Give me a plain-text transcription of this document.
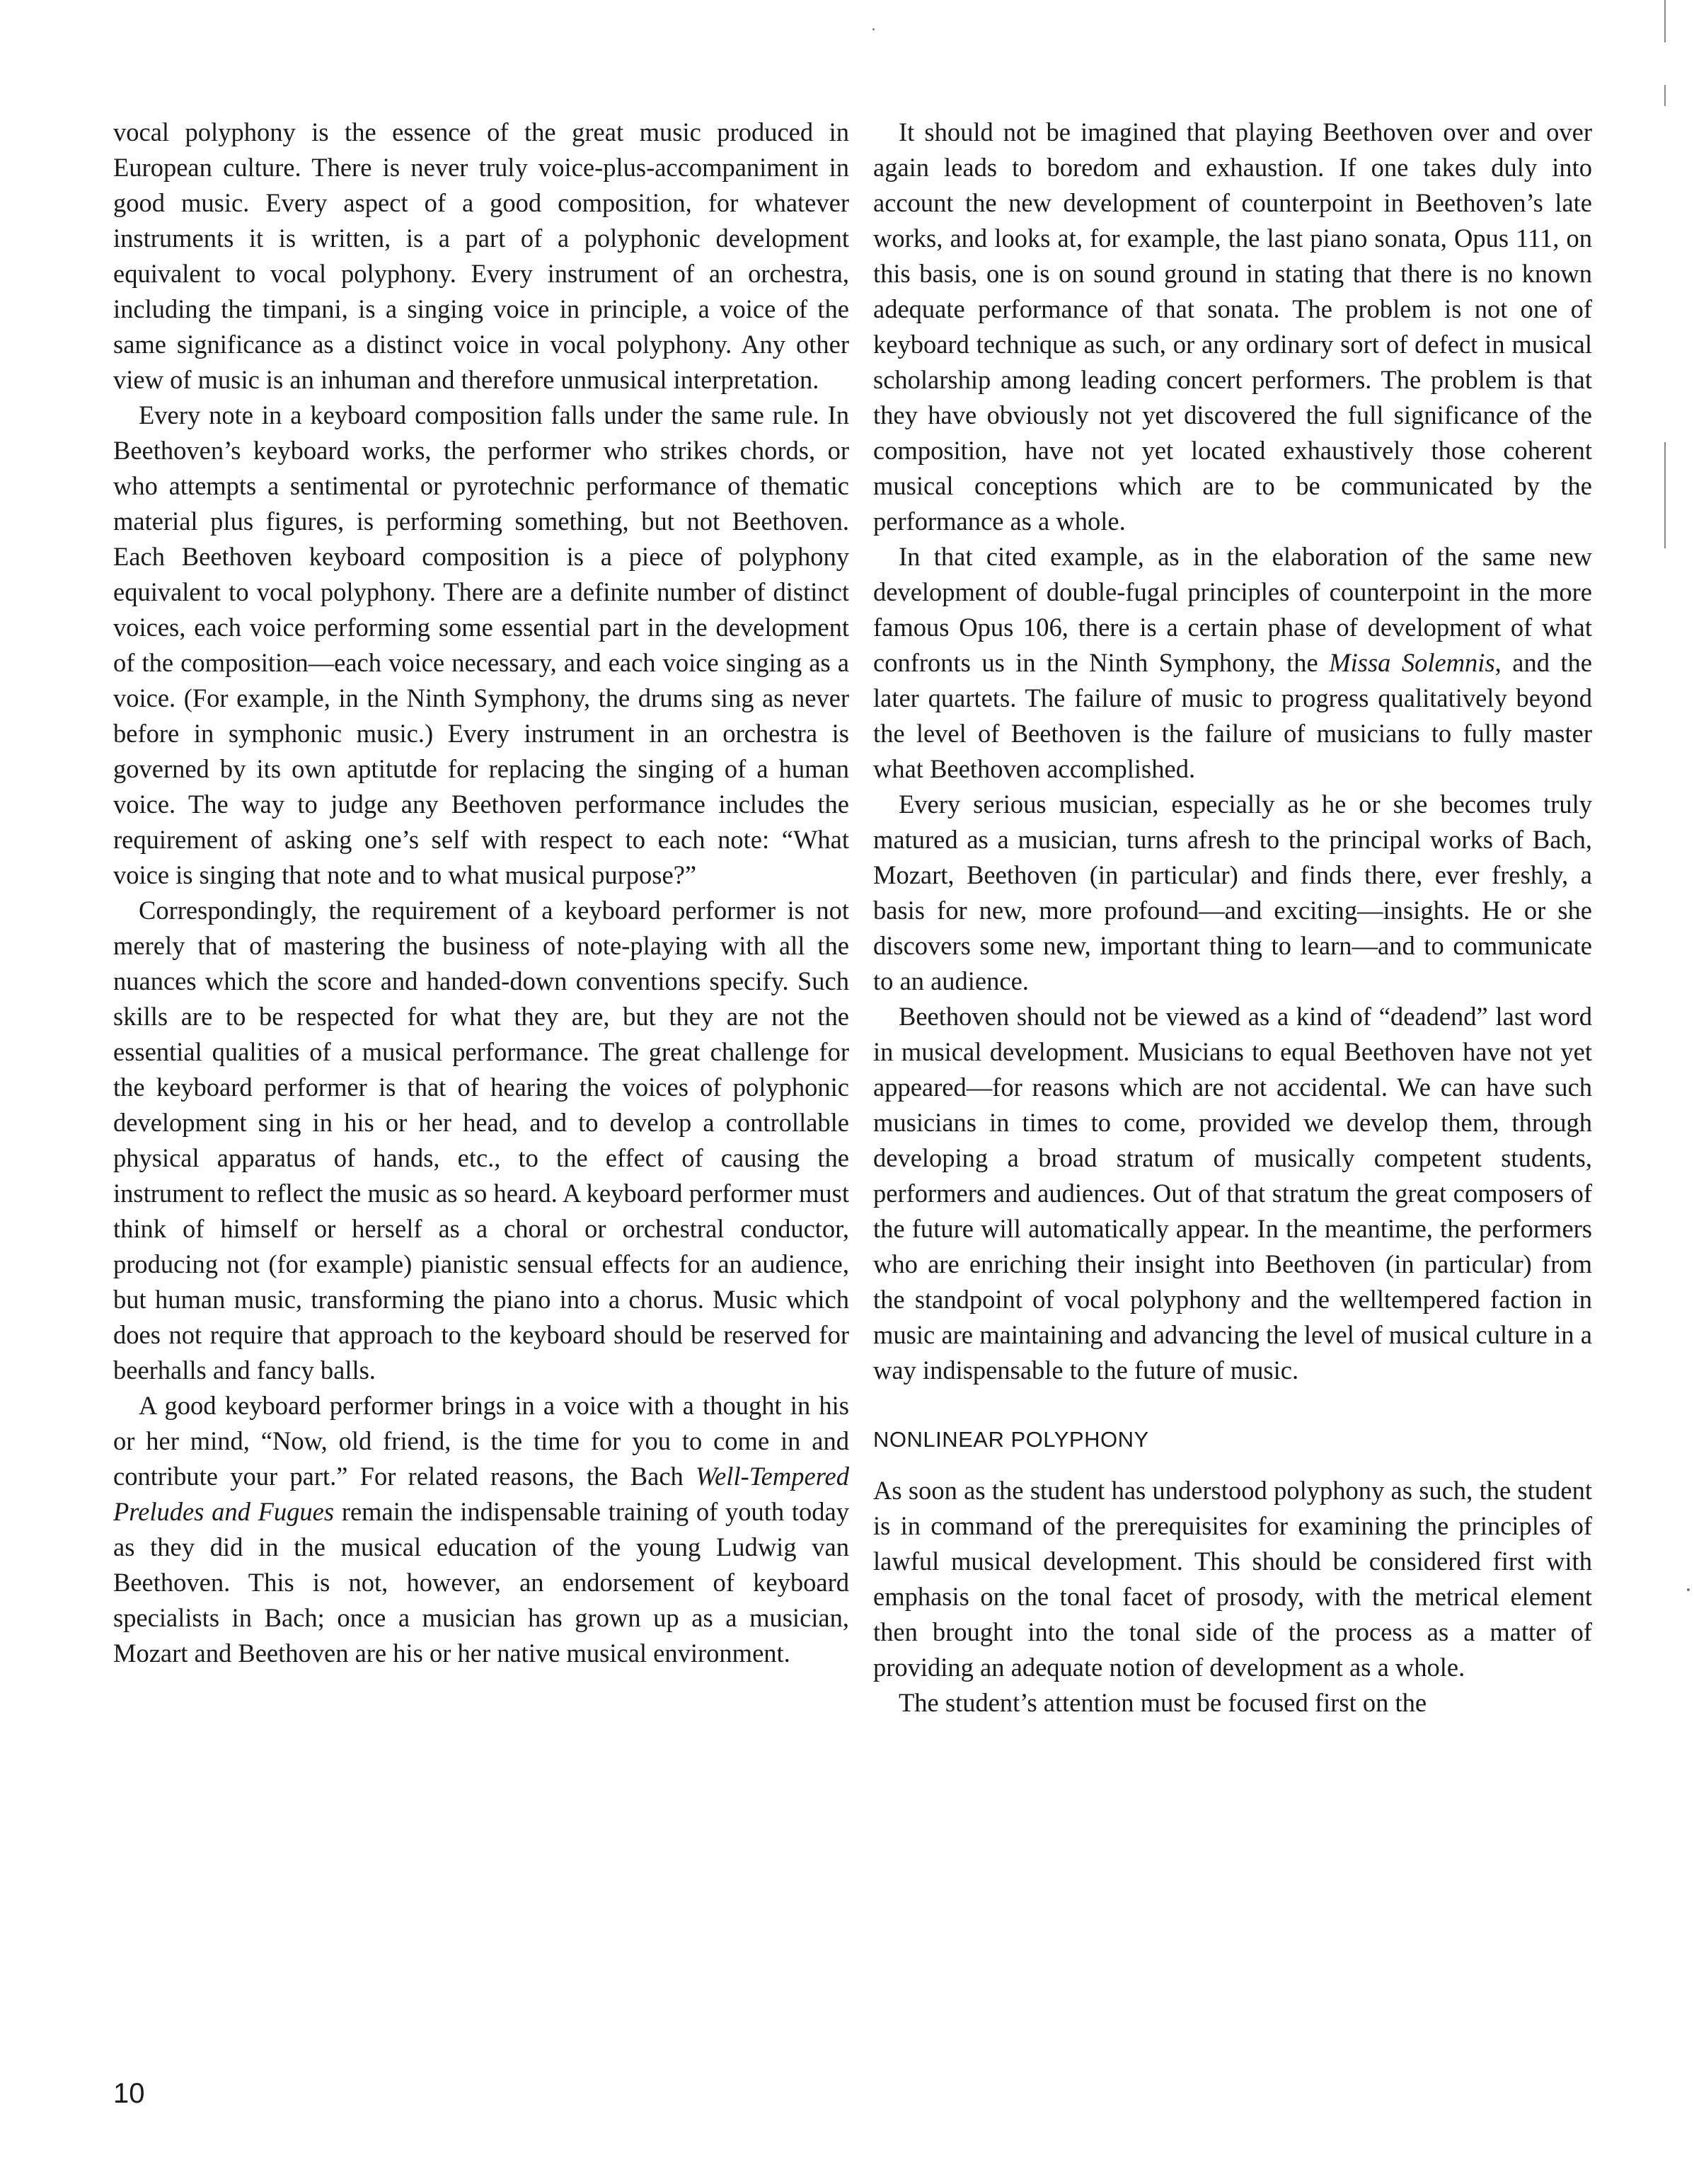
vocal polyphony is the essence of the great music produced in European culture. There is never truly voice-plus-accompaniment in good music. Every aspect of a good composition, for whatever instruments it is written, is a part of a polyphonic development equivalent to vocal polyphony. Every instrument of an orchestra, including the timpani, is a singing voice in principle, a voice of the same significance as a distinct voice in vocal polyphony. Any other view of music is an inhuman and therefore unmusical interpretation.

Every note in a keyboard composition falls under the same rule. In Beethoven’s keyboard works, the performer who strikes chords, or who attempts a sentimental or pyrotechnic performance of thematic material plus figures, is performing something, but not Beethoven. Each Beethoven keyboard composition is a piece of polyphony equivalent to vocal polyphony. There are a definite number of distinct voices, each voice performing some essential part in the development of the composition—each voice necessary, and each voice singing as a voice. (For example, in the Ninth Symphony, the drums sing as never before in symphonic music.) Every instrument in an orchestra is governed by its own aptitutde for replacing the singing of a human voice. The way to judge any Beethoven performance includes the requirement of asking one’s self with respect to each note: “What voice is singing that note and to what musical purpose?”

Correspondingly, the requirement of a keyboard performer is not merely that of mastering the business of note-playing with all the nuances which the score and handed-down conventions specify. Such skills are to be respected for what they are, but they are not the essential qualities of a musical performance. The great challenge for the keyboard performer is that of hearing the voices of polyphonic development sing in his or her head, and to develop a controllable physical apparatus of hands, etc., to the effect of causing the instrument to reflect the music as so heard. A keyboard performer must think of himself or herself as a choral or orchestral conductor, producing not (for example) pianistic sensual effects for an audience, but human music, transforming the piano into a chorus. Music which does not require that approach to the keyboard should be reserved for beerhalls and fancy balls.

A good keyboard performer brings in a voice with a thought in his or her mind, “Now, old friend, is the time for you to come in and contribute your part.” For related reasons, the Bach Well-Tempered Preludes and Fugues remain the indispensable training of youth today as they did in the musical education of the young Ludwig van Beethoven. This is not, however, an endorsement of keyboard specialists in Bach; once a musician has grown up as a musician, Mozart and Beethoven are his or her native musical environment.

It should not be imagined that playing Beethoven over and over again leads to boredom and exhaustion. If one takes duly into account the new development of counterpoint in Beethoven’s late works, and looks at, for example, the last piano sonata, Opus 111, on this basis, one is on sound ground in stating that there is no known adequate performance of that sonata. The problem is not one of keyboard technique as such, or any ordinary sort of defect in musical scholarship among leading concert performers. The problem is that they have obviously not yet discovered the full significance of the composition, have not yet located exhaustively those coherent musical conceptions which are to be communicated by the performance as a whole.

In that cited example, as in the elaboration of the same new development of double-fugal principles of counterpoint in the more famous Opus 106, there is a certain phase of development of what confronts us in the Ninth Symphony, the Missa Solemnis, and the later quartets. The failure of music to progress qualitatively beyond the level of Beethoven is the failure of musicians to fully master what Beethoven accomplished.

Every serious musician, especially as he or she becomes truly matured as a musician, turns afresh to the principal works of Bach, Mozart, Beethoven (in particular) and finds there, ever freshly, a basis for new, more profound—and exciting—insights. He or she discovers some new, important thing to learn—and to communicate to an audience.

Beethoven should not be viewed as a kind of “deadend” last word in musical development. Musicians to equal Beethoven have not yet appeared—for reasons which are not accidental. We can have such musicians in times to come, provided we develop them, through developing a broad stratum of musically competent students, performers and audiences. Out of that stratum the great composers of the future will automatically appear. In the meantime, the performers who are enriching their insight into Beethoven (in particular) from the standpoint of vocal polyphony and the welltempered faction in music are maintaining and advancing the level of musical culture in a way indispensable to the future of music.

NONLINEAR POLYPHONY

As soon as the student has understood polyphony as such, the student is in command of the prerequisites for examining the principles of lawful musical development. This should be considered first with emphasis on the tonal facet of prosody, with the metrical element then brought into the tonal side of the process as a matter of providing an adequate notion of development as a whole.

The student’s attention must be focused first on the

10
